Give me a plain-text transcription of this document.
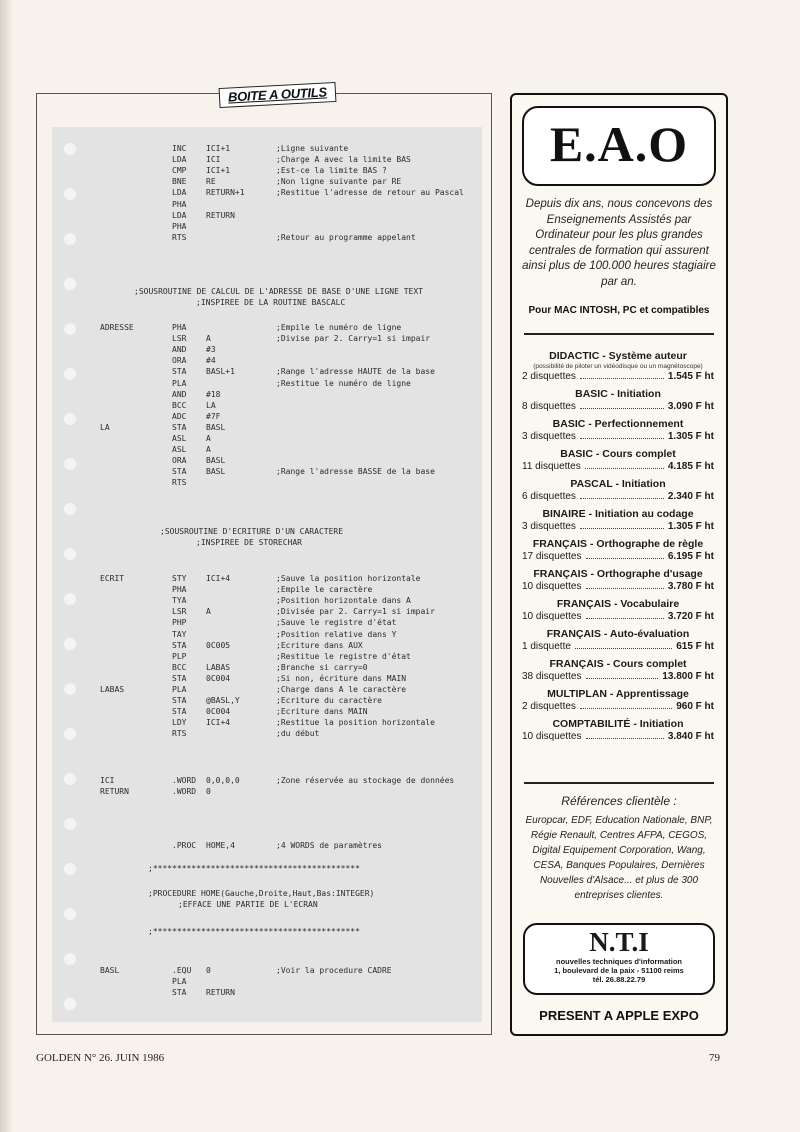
BOITE A OUTILS
INC ICI+1	;Ligne suivante
LDA ICI	;Charge A avec la limite BAS
CMP ICI+1	;Est-ce la limite BAS ?
BNE RE	;Non ligne suivante par RE
LDA RETURN+1	;Restitue l'adresse de retour au Pascal
PHA
LDA RETURN
PHA
RTS	;Retour au programme appelant
;SOUSROUTINE DE CALCUL DE L'ADRESSE DE BASE D'UNE LIGNE TEXT
;INSPIREE DE LA ROUTINE BASCALC
ADRESSE	PHA	;Empile le numéro de ligne
LSR A	;Divise par 2. Carry=1 si impair
AND #3
ORA #4
STA BASL+1	;Range l'adresse HAUTE de la base
PLA	;Restitue le numéro de ligne
AND #18
BCC LA
ADC #7F
LA	STA BASL
ASL A
ASL A
ORA BASL
STA BASL	;Range l'adresse BASSE de la base
RTS
;SOUSROUTINE D'ECRITURE D'UN CARACTERE
;INSPIREE DE STORECHAR
ECRIT	STY ICI+4	;Sauve la position horizontale
PHA	;Empile le caractère
TYA	;Position horizontale dans A
LSR A	;Divisée par 2. Carry=1 si impair
PHP	;Sauve le registre d'état
TAY	;Position relative dans Y
STA 0C005	;Ecriture dans AUX
PLP	;Restitue le registre d'état
BCC LABAS	;Branche si carry=0
STA 0C004	;Si non, écriture dans MAIN
LABAS	PLA	;Charge dans A le caractère
STA @BASL,Y	;Ecriture du caractère
STA 0C004	;Ecriture dans MAIN
LDY ICI+4	;Restitue la position horizontale
RTS	;du début
ICI	.WORD 0,0,0,0	;Zone réservée au stockage de données
RETURN	.WORD 0
.PROC HOME,4	;4 WORDS de paramètres
;*******************************************
;PROCEDURE HOME(Gauche,Droite,Haut,Bas:INTEGER)
;EFFACE UNE PARTIE DE L'ECRAN
;*******************************************
BASL	.EQU 0	;Voir la procedure CADRE
PLA
STA RETURN
E.A.O
Depuis dix ans, nous concevons des Enseignements Assistés par Ordinateur pour les plus grandes centrales de formation qui assurent ainsi plus de 100.000 heures stagiaire par an.
Pour MAC INTOSH, PC et compatibles
DIDACTIC - Système auteur
(possibilité de piloter un vidéodisque ou un magnétoscope)
2 disquettes	1.545 F ht
BASIC - Initiation
8 disquettes	3.090 F ht
BASIC - Perfectionnement
3 disquettes	1.305 F ht
BASIC - Cours complet
11 disquettes	4.185 F ht
PASCAL - Initiation
6 disquettes	2.340 F ht
BINAIRE - Initiation au codage
3 disquettes	1.305 F ht
FRANÇAIS - Orthographe de règle
17 disquettes	6.195 F ht
FRANÇAIS - Orthographe d'usage
10 disquettes	3.780 F ht
FRANÇAIS - Vocabulaire
10 disquettes	3.720 F ht
FRANÇAIS - Auto-évaluation
1 disquette	615 F ht
FRANÇAIS - Cours complet
38 disquettes	13.800 F ht
MULTIPLAN - Apprentissage
2 disquettes	960 F ht
COMPTABILITÉ - Initiation
10 disquettes	3.840 F ht
Références clientèle :
Europcar, EDF, Education Nationale, BNP, Régie Renault, Centres AFPA, CEGOS, Digital Equipement Corporation, Wang, CESA, Banques Populaires, Dernières Nouvelles d'Alsace... et plus de 300 entreprises clientes.
N.T.I
nouvelles techniques d'information
1, boulevard de la paix - 51100 reims
tél. 26.88.22.79
PRESENT A APPLE EXPO
GOLDEN N° 26. JUIN 1986	79
